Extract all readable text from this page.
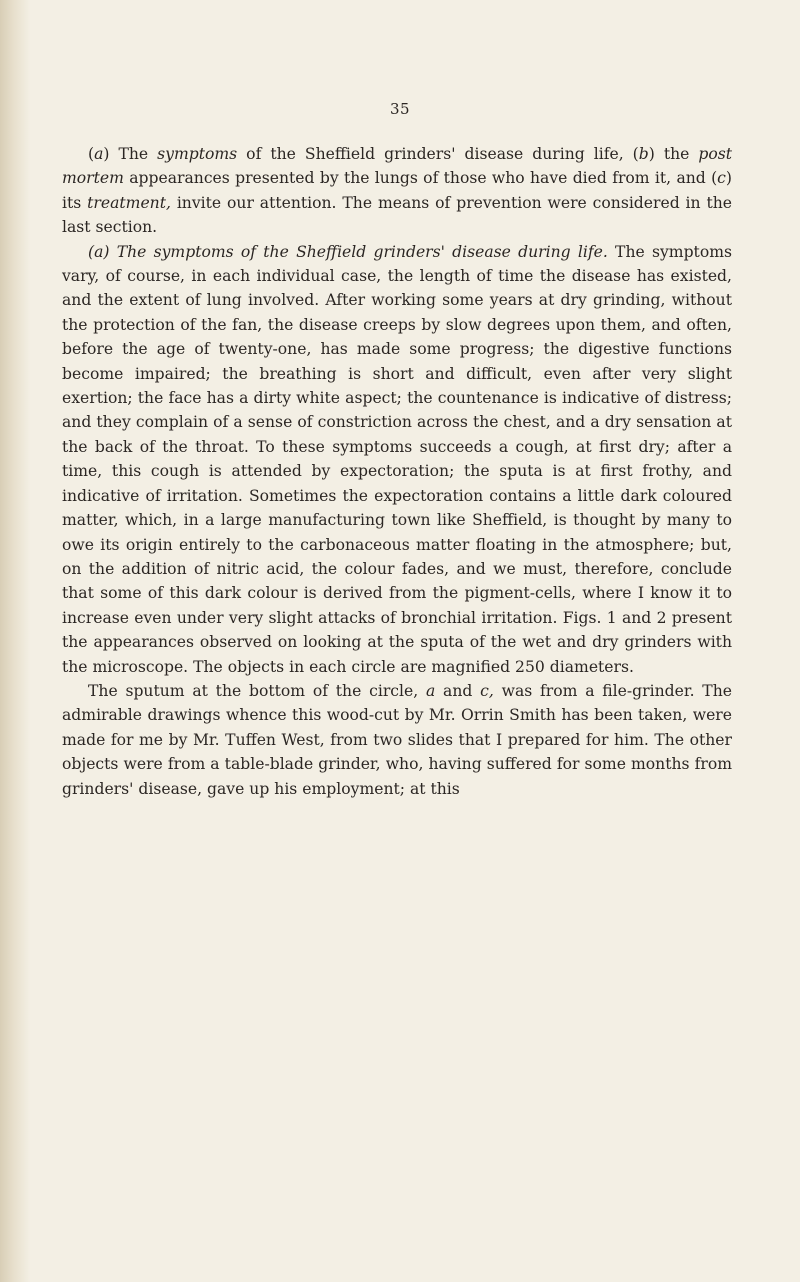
35

(a) The symptoms of the Sheffield grinders' disease during life, (b) the post mortem appearances presented by the lungs of those who have died from it, and (c) its treatment, invite our attention. The means of prevention were considered in the last section.

(a) The symptoms of the Sheffield grinders' disease during life. The symptoms vary, of course, in each individual case, the length of time the disease has existed, and the extent of lung involved. After working some years at dry grinding, without the protection of the fan, the disease creeps by slow degrees upon them, and often, before the age of twenty-one, has made some progress; the digestive functions become impaired; the breathing is short and difficult, even after very slight exertion; the face has a dirty white aspect; the countenance is indicative of distress; and they complain of a sense of constriction across the chest, and a dry sensation at the back of the throat. To these symptoms succeeds a cough, at first dry; after a time, this cough is attended by expectoration; the sputa is at first frothy, and indicative of irritation. Sometimes the expectoration contains a little dark coloured matter, which, in a large manufacturing town like Sheffield, is thought by many to owe its origin entirely to the carbonaceous matter floating in the atmosphere; but, on the addition of nitric acid, the colour fades, and we must, therefore, conclude that some of this dark colour is derived from the pigment-cells, where I know it to increase even under very slight attacks of bronchial irritation. Figs. 1 and 2 present the appearances observed on looking at the sputa of the wet and dry grinders with the microscope. The objects in each circle are magnified 250 diameters.

The sputum at the bottom of the circle, a and c, was from a file-grinder. The admirable drawings whence this wood-cut by Mr. Orrin Smith has been taken, were made for me by Mr. Tuffen West, from two slides that I prepared for him. The other objects were from a table-blade grinder, who, having suffered for some months from grinders' disease, gave up his employment; at this
